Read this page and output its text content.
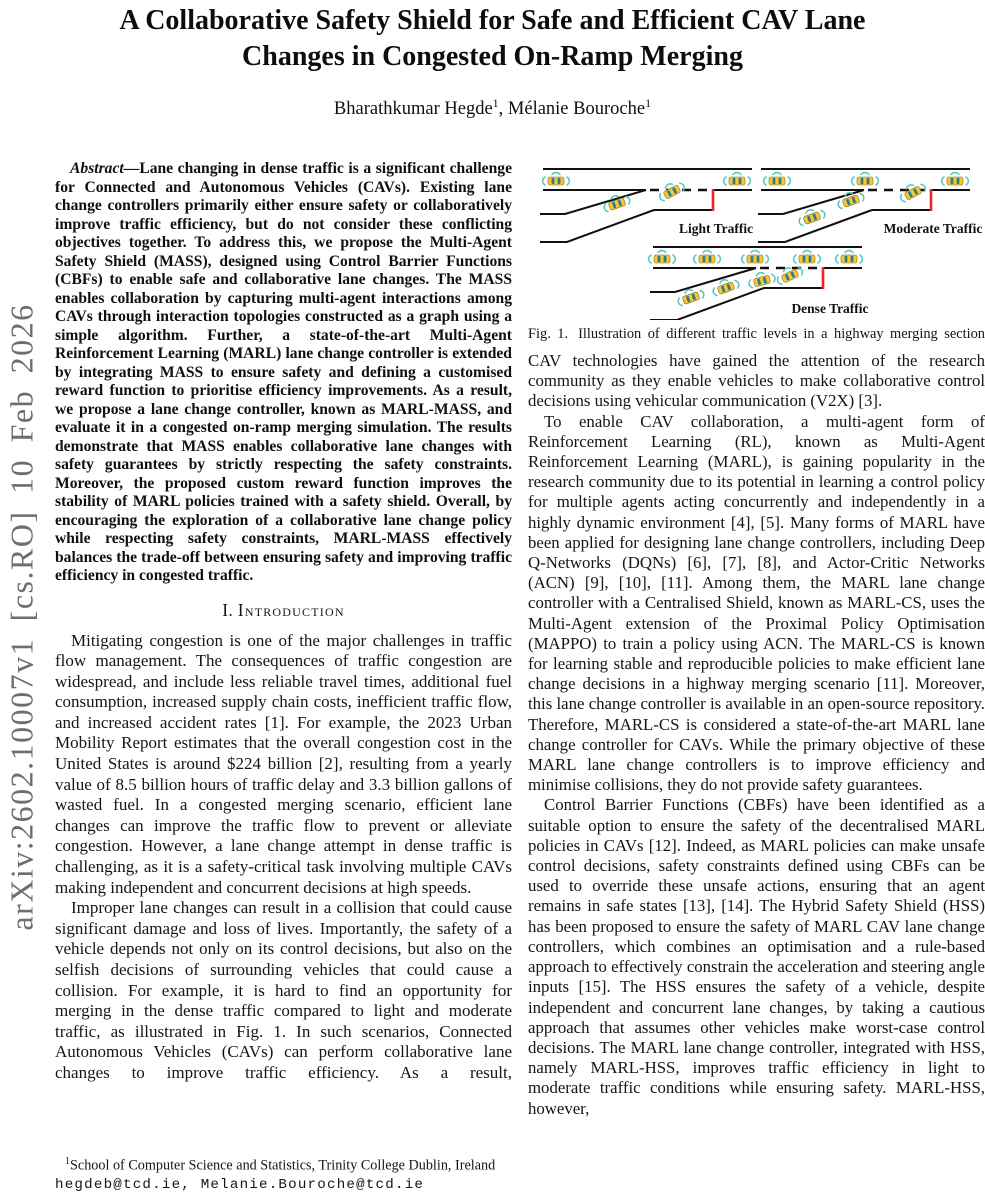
arXiv:2602.10007v1 [cs.RO] 10 Feb 2026
A Collaborative Safety Shield for Safe and Efficient CAV Lane
Changes in Congested On-Ramp Merging
Bharathkumar Hegde$^1$, Mélanie Bouroche$^1$

Abstract—Lane changing in dense traffic is a significant challenge for Connected and Autonomous Vehicles (CAVs). Existing lane change controllers primarily either ensure safety or collaboratively improve traffic efficiency, but do not consider these conflicting objectives together. To address this, we propose the Multi-Agent Safety Shield (MASS), designed using Control Barrier Functions (CBFs) to enable safe and collaborative lane changes. The MASS enables collaboration by capturing multi-agent interactions among CAVs through interaction topologies constructed as a graph using a simple algorithm. Further, a state-of-the-art Multi-Agent Reinforcement Learning (MARL) lane change controller is extended by integrating MASS to ensure safety and defining a customised reward function to prioritise efficiency improvements. As a result, we propose a lane change controller, known as MARL-MASS, and evaluate it in a congested on-ramp merging simulation. The results demonstrate that MASS enables collaborative lane changes with safety guarantees by strictly respecting the safety constraints. Moreover, the proposed custom reward function improves the stability of MARL policies trained with a safety shield. Overall, by encouraging the exploration of a collaborative lane change policy while respecting safety constraints, MARL-MASS effectively balances the trade-off between ensuring safety and improving traffic efficiency in congested traffic.

I. Introduction

Mitigating congestion is one of the major challenges in traffic flow management. The consequences of traffic congestion are widespread, and include less reliable travel times, additional fuel consumption, increased supply chain costs, inefficient traffic flow, and increased accident rates [1]. For example, the 2023 Urban Mobility Report estimates that the overall congestion cost in the United States is around $224 billion [2], resulting from a yearly value of 8.5 billion hours of traffic delay and 3.3 billion gallons of wasted fuel. In a congested merging scenario, efficient lane changes can improve the traffic flow to prevent or alleviate congestion. However, a lane change attempt in dense traffic is challenging, as it is a safety-critical task involving multiple CAVs making independent and concurrent decisions at high speeds.

Improper lane changes can result in a collision that could cause significant damage and loss of lives. Importantly, the safety of a vehicle depends not only on its control decisions, but also on the selfish decisions of surrounding vehicles that could cause a collision. For example, it is hard to find an opportunity for merging in the dense traffic compared to light and moderate traffic, as illustrated in Fig. 1. In such scenarios, Connected Autonomous Vehicles (CAVs) can perform collaborative lane changes to improve traffic efficiency. As a result,

Light Traffic	Moderate Traffic
Dense Traffic
Fig. 1. Illustration of different traffic levels in a highway merging section

CAV technologies have gained the attention of the research community as they enable vehicles to make collaborative control decisions using vehicular communication (V2X) [3].

To enable CAV collaboration, a multi-agent form of Reinforcement Learning (RL), known as Multi-Agent Reinforcement Learning (MARL), is gaining popularity in the research community due to its potential in learning a control policy for multiple agents acting concurrently and independently in a highly dynamic environment [4], [5]. Many forms of MARL have been applied for designing lane change controllers, including Deep Q-Networks (DQNs) [6], [7], [8], and Actor-Critic Networks (ACN) [9], [10], [11]. Among them, the MARL lane change controller with a Centralised Shield, known as MARL-CS, uses the Multi-Agent extension of the Proximal Policy Optimisation (MAPPO) to train a policy using ACN. The MARL-CS is known for learning stable and reproducible policies to make efficient lane change decisions in a highway merging scenario [11]. Moreover, this lane change controller is available in an open-source repository. Therefore, MARL-CS is considered a state-of-the-art MARL lane change controller for CAVs. While the primary objective of these MARL lane change controllers is to improve efficiency and minimise collisions, they do not provide safety guarantees.

Control Barrier Functions (CBFs) have been identified as a suitable option to ensure the safety of the decentralised MARL policies in CAVs [12]. Indeed, as MARL policies can make unsafe control decisions, safety constraints defined using CBFs can be used to override these unsafe actions, ensuring that an agent remains in safe states [13], [14]. The Hybrid Safety Shield (HSS) has been proposed to ensure the safety of MARL CAV lane change controllers, which combines an optimisation and a rule-based approach to effectively constrain the acceleration and steering angle inputs [15]. The HSS ensures the safety of a vehicle, despite independent and concurrent lane changes, by taking a cautious approach that assumes other vehicles make worst-case control decisions. The MARL lane change controller, integrated with HSS, namely MARL-HSS, improves traffic efficiency in light to moderate traffic conditions while ensuring safety. MARL-HSS, however,

$^1$School of Computer Science and Statistics, Trinity College Dublin, Ireland
hegdeb@tcd.ie, Melanie.Bouroche@tcd.ie
